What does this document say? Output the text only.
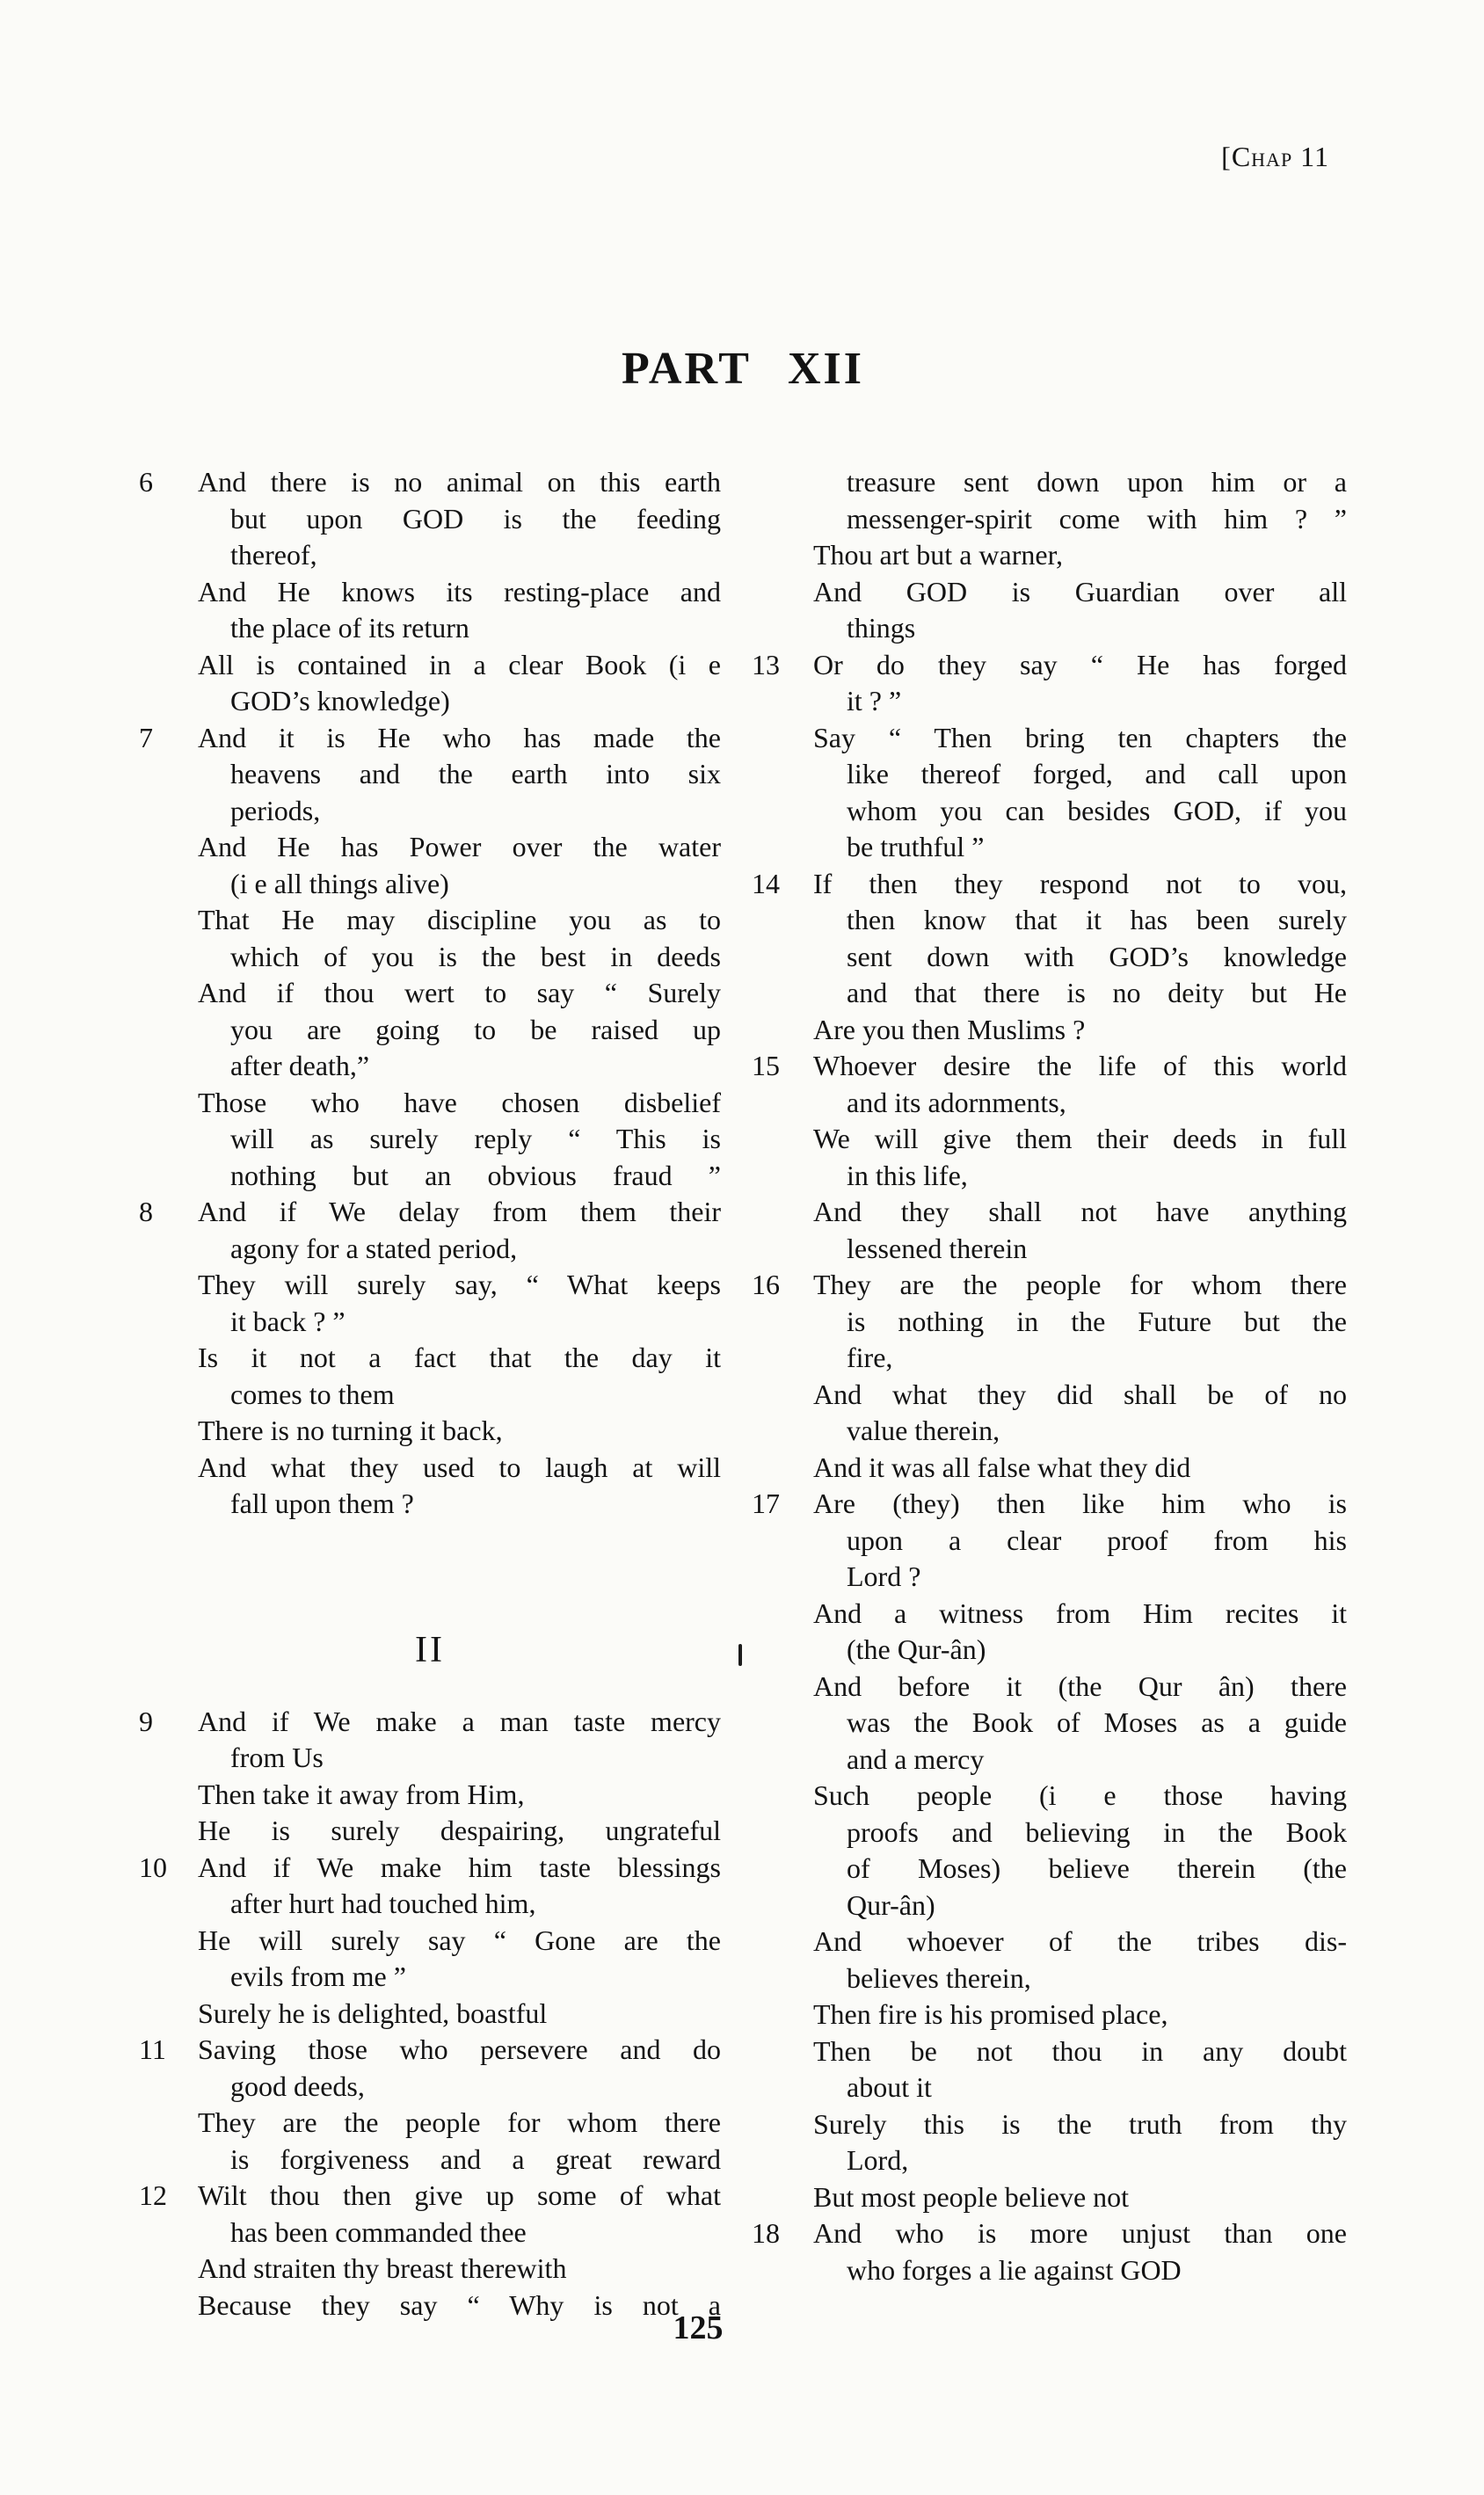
[Chap 11
PART XII
6	And there is no animal on this earth
but upon GOD is the feeding
thereof,
And He knows its resting-place and
the place of its return
All is contained in a clear Book (i e
GOD’s knowledge)
7	And it is He who has made the
heavens and the earth into six
periods,
And He has Power over the water
(i e all things alive)
That He may discipline you as to
which of you is the best in deeds
And if thou wert to say “ Surely
you are going to be raised up
after death,”
Those who have chosen disbelief
will as surely reply “ This is
nothing but an obvious fraud ”
8	And if We delay from them their
agony for a stated period,
They will surely say, “ What keeps
it back ? ”
Is it not a fact that the day it
comes to them
There is no turning it back,
And what they used to laugh at will
fall upon them ?
II
9	And if We make a man taste mercy
from Us
Then take it away from Him,
He is surely despairing, ungrateful
10	And if We make him taste blessings
after hurt had touched him,
He will surely say “ Gone are the
evils from me ”
Surely he is delighted, boastful
11	Saving those who persevere and do
good deeds,
They are the people for whom there
is forgiveness and a great reward
12	Wilt thou then give up some of what
has been commanded thee
And straiten thy breast therewith
Because they say “ Why is not a
treasure sent down upon him or a
messenger-spirit come with him ? ”
Thou art but a warner,
And GOD is Guardian over all
things
13	Or do they say “ He has forged
it ? ”
Say “ Then bring ten chapters the
like thereof forged, and call upon
whom you can besides GOD, if you
be truthful ”
14	If then they respond not to vou,
then know that it has been surely
sent down with GOD’s knowledge
and that there is no deity but He
Are you then Muslims ?
15	Whoever desire the life of this world
and its adornments,
We will give them their deeds in full
in this life,
And they shall not have anything
lessened therein
16	They are the people for whom there
is nothing in the Future but the
fire,
And what they did shall be of no
value therein,
And it was all false what they did
17	Are (they) then like him who is
upon a clear proof from his
Lord ?
And a witness from Him recites it
(the Qur-ân)
And before it (the Qur ân) there
was the Book of Moses as a guide
and a mercy
Such people (i e those having
proofs and believing in the Book
of Moses) believe therein (the
Qur-ân)
And whoever of the tribes dis-
believes therein,
Then fire is his promised place,
Then be not thou in any doubt
about it
Surely this is the truth from thy
Lord,
But most people believe not
18	And who is more unjust than one
who forges a lie against GOD
125
